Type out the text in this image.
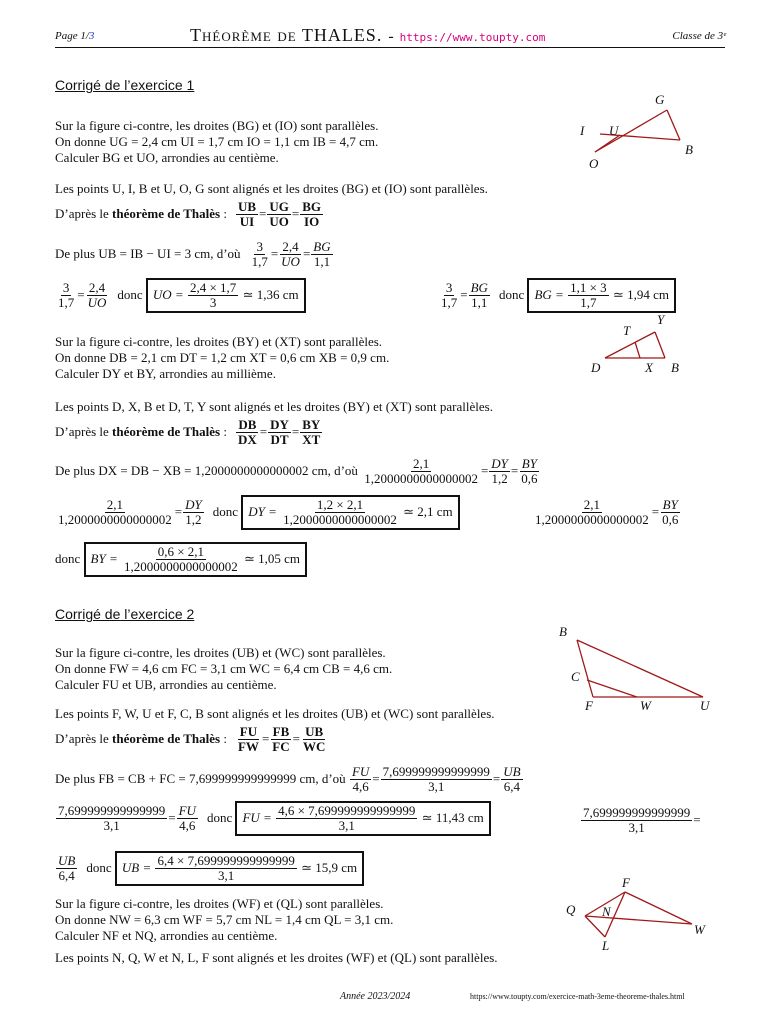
Page 1/3	Théorème de THALES. - https://www.toupty.com	Classe de 3ᵉ
Corrigé de l’exercice 1
Sur la figure ci-contre, les droites (BG) et (IO) sont parallèles.
On donne UG = 2,4 cm UI = 1,7 cm IO = 1,1 cm IB = 4,7 cm.
Calculer BG et UO, arrondies au centième.
G
I U
B
O
Les points U, I, B et U, O, G sont alignés et les droites (BG) et (IO) sont parallèles.
D’après le
théorème de Thalès
: $\frac{UB}{UI} = \frac{UG}{UO} = \frac{BG}{IO}$
De plus UB = IB − UI = 3 cm, d’où $\frac{3}{1,7} = \frac{2,4}{UO} = \frac{BG}{1,1}$
$\frac{3}{1,7} = \frac{2,4}{UO}$ donc
UO =
$\frac{2,4 \times 1,7}{3}$
≃ 1,36 cm	$\frac{3}{1,7} = \frac{BG}{1,1}$ donc
BG =
$\frac{1,1 \times 3}{1,7}$
≃ 1,94 cm
Sur la figure ci-contre, les droites (BY) et (XT) sont parallèles.
On donne DB = 2,1 cm DT = 1,2 cm XT = 0,6 cm XB = 0,9 cm.
Calculer DY et BY, arrondies au millième.
T
Y
D	X B
Les points D, X, B et D, T, Y sont alignés et les droites (BY) et (XT) sont parallèles.
D’après le
théorème de Thalès
: $\frac{DB}{DX} = \frac{DY}{DT} = \frac{BY}{XT}$
De plus DX = DB − XB = 1,2000000000000002 cm, d’où
$\frac{2,1}{1,2000000000000002} = \frac{DY}{1,2} = \frac{BY}{0,6}$
$\frac{2,1}{1,2000000000000002} = \frac{DY}{1,2}$ donc
DY =
$\frac{1,2 \times 2,1}{1,2000000000000002}$
≃ 2,1 cm	$\frac{2,1}{1,2000000000000002} = \frac{BY}{0,6}$
donc
BY =
$\frac{0,6 \times 2,1}{1,2000000000000002}$
≃ 1,05 cm
Corrigé de l’exercice 2
Sur la figure ci-contre, les droites (UB) et (WC) sont parallèles.
On donne FW = 4,6 cm FC = 3,1 cm WC = 6,4 cm CB = 4,6 cm.
Calculer FU et UB, arrondies au centième.
B
C
F	W	U
Les points F, W, U et F, C, B sont alignés et les droites (UB) et (WC) sont parallèles.
D’après le
théorème de Thalès
: $\frac{FU}{FW} = \frac{FB}{FC} = \frac{UB}{WC}$
De plus FB = CB + FC = 7,699999999999999 cm, d’où
$\frac{FU}{4,6} = \frac{7,699999999999999}{3,1} = \frac{UB}{6,4}$
$\frac{7,699999999999999}{3,1} = \frac{FU}{4,6}$ donc
FU =
$\frac{4,6 \times 7,699999999999999}{3,1}$
≃ 11,43 cm	$\frac{7,699999999999999}{3,1}$ =
$\frac{UB}{6,4}$ donc
UB =
$\frac{6,4 \times 7,699999999999999}{3,1}$
≃ 15,9 cm
Sur la figure ci-contre, les droites (WF) et (QL) sont parallèles.
On donne NW = 6,3 cm WF = 5,7 cm NL = 1,4 cm QL = 3,1 cm.
Calculer NF et NQ, arrondies au centième.
F
Q N
W
L
Les points N, Q, W et N, L, F sont alignés et les droites (WF) et (QL) sont parallèles.
Année 2023/2024	https://www.toupty.com/exercice-math-3eme-theoreme-thales.html
